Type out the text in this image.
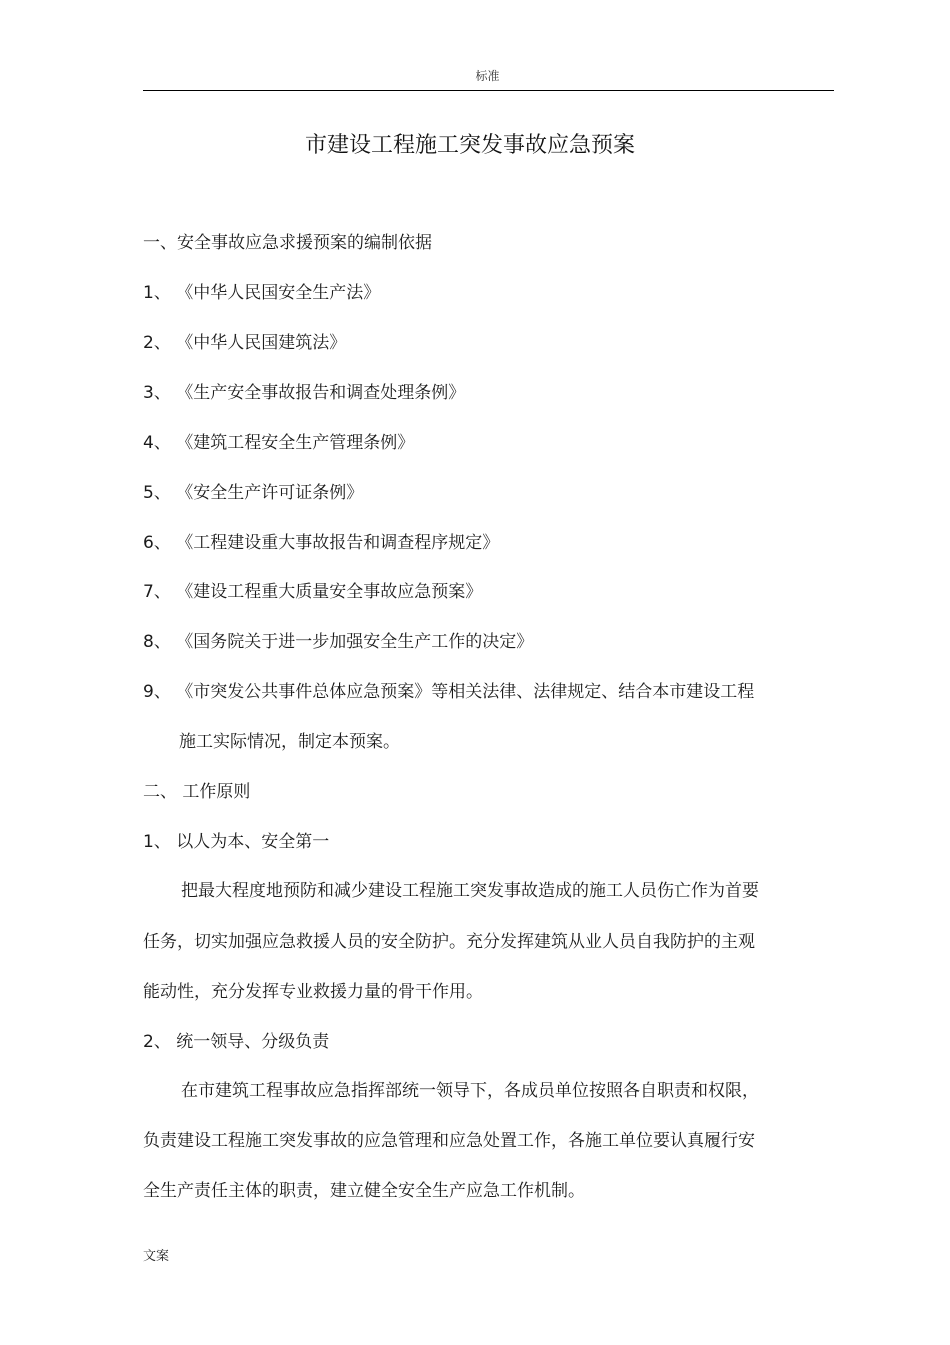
标准
市建设工程施工突发事故应急预案
一、安全事故应急求援预案的编制依据
1、 《中华人民国安全生产法》
2、 《中华人民国建筑法》
3、 《生产安全事故报告和调查处理条例》
4、 《建筑工程安全生产管理条例》
5、 《安全生产许可证条例》
6、 《工程建设重大事故报告和调查程序规定》
7、 《建设工程重大质量安全事故应急预案》
8、 《国务院关于进一步加强安全生产工作的决定》
9、 《市突发公共事件总体应急预案》等相关法律、法律规定、结合本市建设工程
施工实际情况，制定本预案。
二、 工作原则
1、 以人为本、安全第一
把最大程度地预防和减少建设工程施工突发事故造成的施工人员伤亡作为首要
任务，切实加强应急救援人员的安全防护。充分发挥建筑从业人员自我防护的主观
能动性，充分发挥专业救援力量的骨干作用。
2、 统一领导、分级负责
在市建筑工程事故应急指挥部统一领导下，各成员单位按照各自职责和权限，
负责建设工程施工突发事故的应急管理和应急处置工作，各施工单位要认真履行安
全生产责任主体的职责，建立健全安全生产应急工作机制。
文案
